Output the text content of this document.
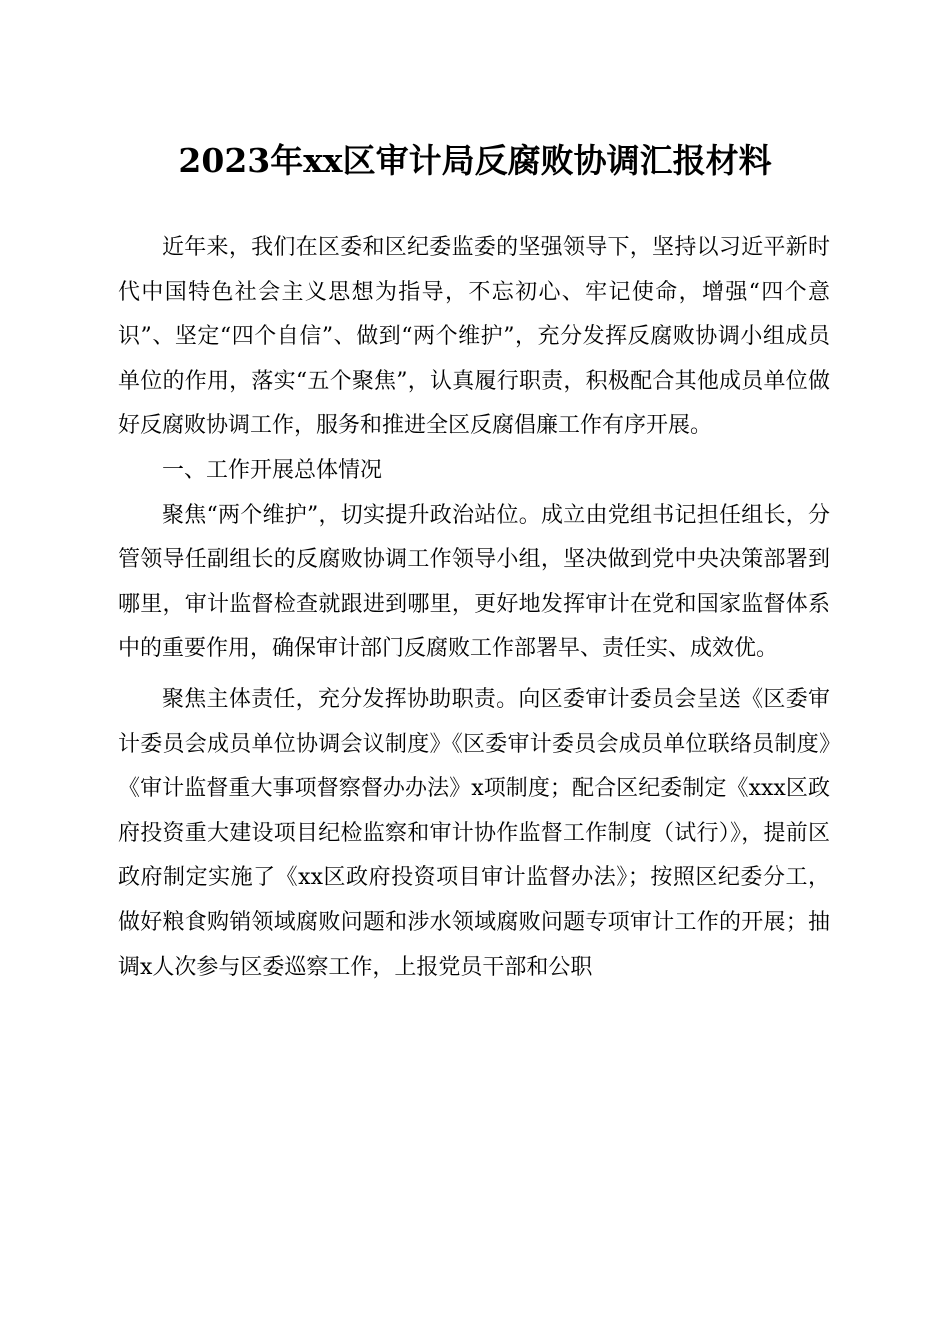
2023年xx区审计局反腐败协调汇报材料

近年来，我们在区委和区纪委监委的坚强领导下，坚持以习近平新时代中国特色社会主义思想为指导，不忘初心、牢记使命，增强“四个意识”、坚定“四个自信”、做到“两个维护”，充分发挥反腐败协调小组成员单位的作用，落实“五个聚焦”，认真履行职责，积极配合其他成员单位做好反腐败协调工作，服务和推进全区反腐倡廉工作有序开展。

一、工作开展总体情况

聚焦“两个维护”，切实提升政治站位。成立由党组书记担任组长，分管领导任副组长的反腐败协调工作领导小组，坚决做到党中央决策部署到哪里，审计监督检查就跟进到哪里，更好地发挥审计在党和国家监督体系中的重要作用，确保审计部门反腐败工作部署早、责任实、成效优。

聚焦主体责任，充分发挥协助职责。向区委审计委员会呈送《区委审计委员会成员单位协调会议制度》《区委审计委员会成员单位联络员制度》《审计监督重大事项督察督办办法》x项制度；配合区纪委制定《xxx区政府投资重大建设项目纪检监察和审计协作监督工作制度（试行）》，提前区政府制定实施了《xx区政府投资项目审计监督办法》；按照区纪委分工，做好粮食购销领域腐败问题和涉水领域腐败问题专项审计工作的开展；抽调x人次参与区委巡察工作，上报党员干部和公职
